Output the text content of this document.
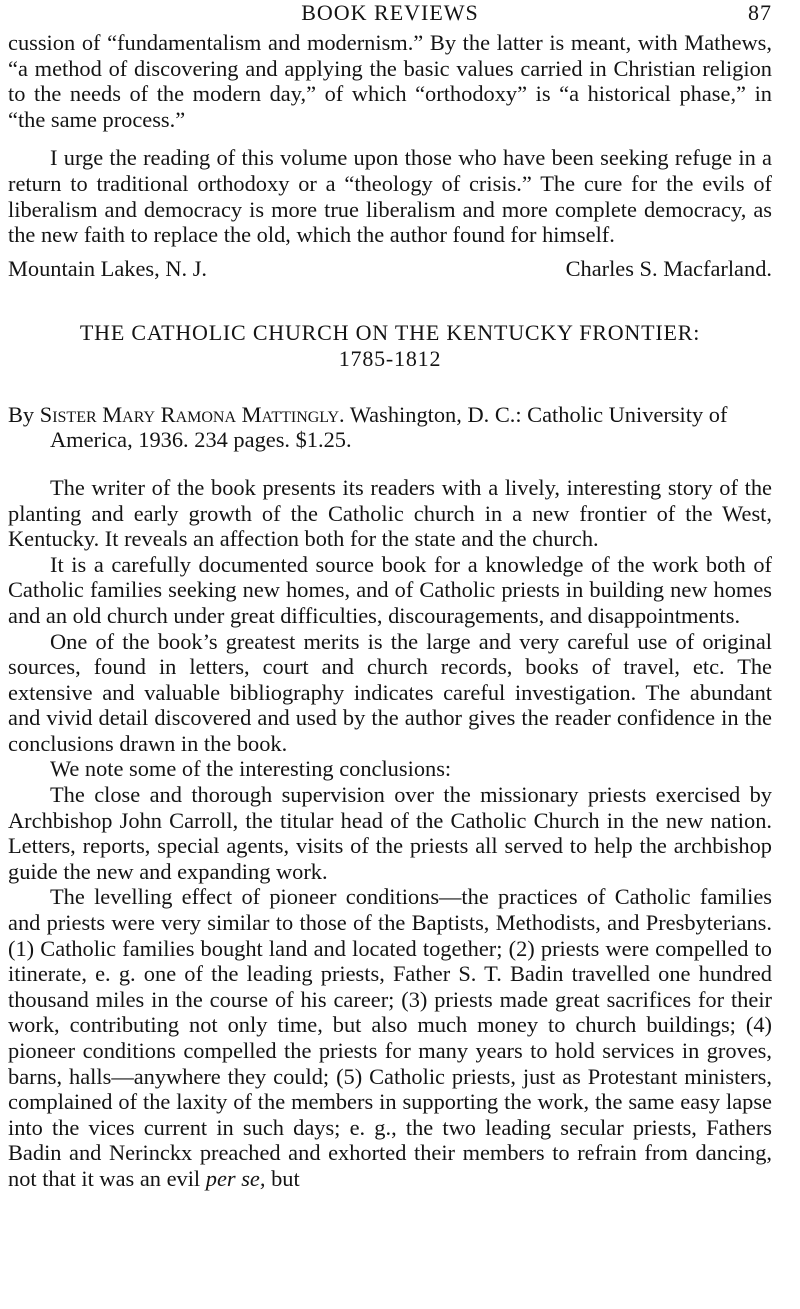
BOOK REVIEWS	87

cussion of “fundamentalism and modernism.” By the latter is meant, with Mathews, “a method of discovering and applying the basic values carried in Christian religion to the needs of the modern day,” of which “orthodoxy” is “a historical phase,” in “the same process.”

I urge the reading of this volume upon those who have been seeking refuge in a return to traditional orthodoxy or a “theology of crisis.” The cure for the evils of liberalism and democracy is more true liberalism and more complete democracy, as the new faith to replace the old, which the author found for himself.

Mountain Lakes, N. J.	Charles S. Macfarland.
THE CATHOLIC CHURCH ON THE KENTUCKY FRONTIER:
1785-1812

By Sister Mary Ramona Mattingly. Washington, D. C.: Catholic University of America, 1936. 234 pages. $1.25.

The writer of the book presents its readers with a lively, interesting story of the planting and early growth of the Catholic church in a new frontier of the West, Kentucky. It reveals an affection both for the state and the church.

It is a carefully documented source book for a knowledge of the work both of Catholic families seeking new homes, and of Catholic priests in building new homes and an old church under great difficulties, discouragements, and disappointments.

One of the book’s greatest merits is the large and very careful use of original sources, found in letters, court and church records, books of travel, etc. The extensive and valuable bibliography indicates careful investigation. The abundant and vivid detail discovered and used by the author gives the reader confidence in the conclusions drawn in the book.

We note some of the interesting conclusions:

The close and thorough supervision over the missionary priests exercised by Archbishop John Carroll, the titular head of the Catholic Church in the new nation. Letters, reports, special agents, visits of the priests all served to help the archbishop guide the new and expanding work.

The levelling effect of pioneer conditions—the practices of Catholic families and priests were very similar to those of the Baptists, Methodists, and Presbyterians. (1) Catholic families bought land and located together; (2) priests were compelled to itinerate, e. g. one of the leading priests, Father S. T. Badin travelled one hundred thousand miles in the course of his career; (3) priests made great sacrifices for their work, contributing not only time, but also much money to church buildings; (4) pioneer conditions compelled the priests for many years to hold services in groves, barns, halls—anywhere they could; (5) Catholic priests, just as Protestant ministers, complained of the laxity of the members in supporting the work, the same easy lapse into the vices current in such days; e. g., the two leading secular priests, Fathers Badin and Nerinckx preached and exhorted their members to refrain from dancing, not that it was an evil per se, but
